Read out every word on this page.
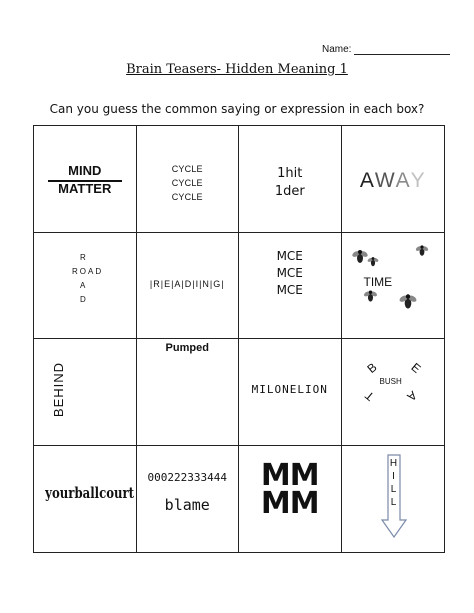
Name:
Brain Teasers- Hidden Meaning 1
Can you guess the common saying or expression in each box?
MIND
MATTER
CYCLE
CYCLE
CYCLE
1hit
1der	AWAY
R
ROAD
A
D
|R|E|A|D|I|N|G|
MCE
MCE
MCE
TIME
BEHIND
Pumped
MILONELION
B E
A
T
BUSH
yourballcourt
000222333444
blame
MM
MM
H
I
L
L
